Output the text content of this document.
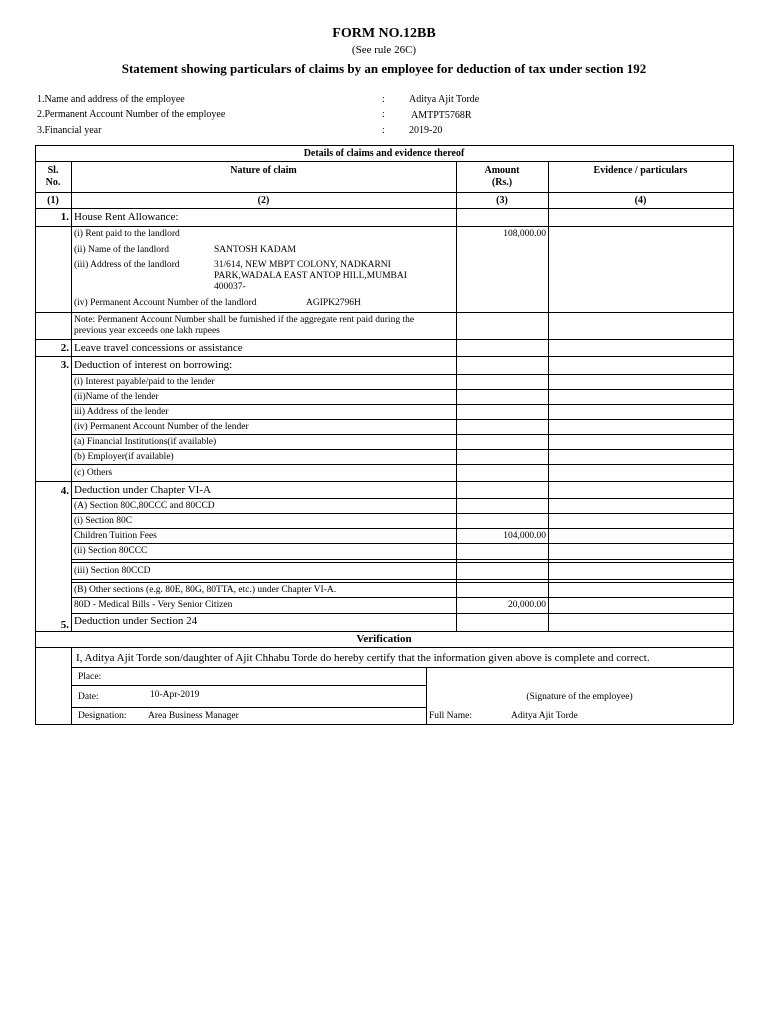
FORM NO.12BB
(See rule 26C)
Statement showing particulars of claims by an employee for deduction of tax under section 192
1.Name and address of the employee	: Aditya Ajit Torde
2.Permanent Account Number of the employee	:	AMTPT5768R
3.Financial year	: 2019-20
Details of claims and evidence thereof
Sl.
No.
Nature of claim	Amount
(Rs.)
Evidence / particulars
(1)	(2)	(3)	(4)
1. House Rent Allowance:
(i) Rent paid to the landlord	108,000.00
(ii) Name of the landlord	SANTOSH KADAM
(iii) Address of the landlord	31/614, NEW MBPT COLONY, NADKARNI
PARK,WADALA EAST ANTOP HILL,MUMBAI
400037-
(iv) Permanent Account Number of the landlord	AGIPK2796H
Note: Permanent Account Number shall be furnished if the aggregate rent paid during the
previous year exceeds one lakh rupees
2. Leave travel concessions or assistance
3. Deduction of interest on borrowing:
(i) Interest payable/paid to the lender
(ii)Name of the lender
iii) Address of the lender
(iv) Permanent Account Number of the lender
(a) Financial Institutions(if available)
(b) Employer(if available)
(c) Others
4. Deduction under Chapter VI-A
(A) Section 80C,80CCC and 80CCD
(i) Section 80C
Children Tuition Fees	104,000.00
(ii) Section 80CCC
(iii) Section 80CCD
(B) Other sections (e.g. 80E, 80G, 80TTA, etc.) under Chapter VI-A.
80D - Medical Bills - Very Senior Citizen	20,000.00
5. Deduction under Section 24
Verification
I, Aditya Ajit Torde son/daughter of Ajit Chhabu Torde do hereby certify that the information given above is complete and correct.
Place:
Date:	10-Apr-2019	(Signature of the employee)
Designation: Area Business Manager	Full Name:	Aditya Ajit Torde
